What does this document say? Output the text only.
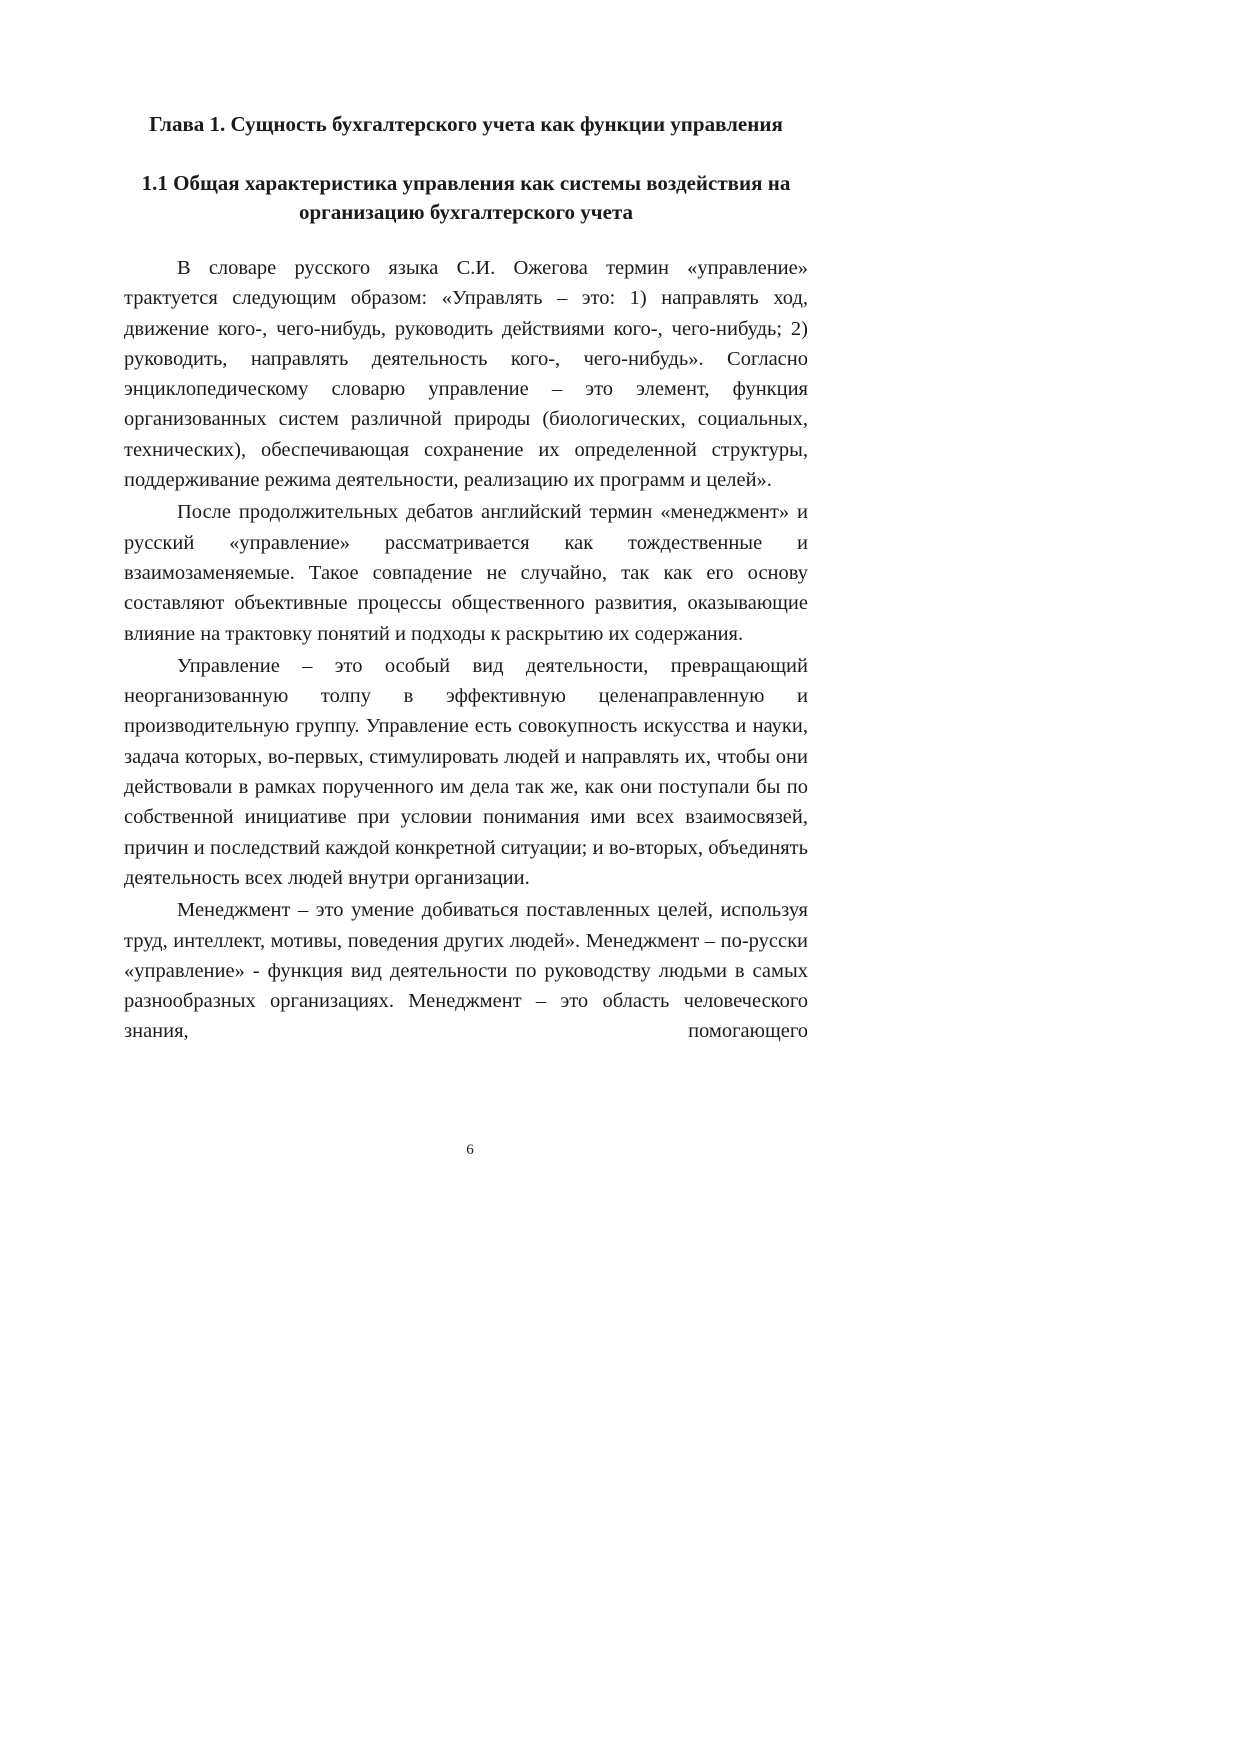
Глава 1. Сущность бухгалтерского учета как функции управления
1.1 Общая характеристика управления как системы воздействия на организацию бухгалтерского учета

В словаре русского языка С.И. Ожегова термин «управление» трактуется следующим образом: «Управлять – это: 1) направлять ход, движение кого-, чего-нибудь, руководить действиями кого-, чего-нибудь; 2) руководить, направлять деятельность кого-, чего-нибудь». Согласно энциклопедическому словарю управление – это элемент, функция организованных систем различной природы (биологических, социальных, технических), обеспечивающая сохранение их определенной структуры, поддерживание режима деятельности, реализацию их программ и целей».

После продолжительных дебатов английский термин «менеджмент» и русский «управление» рассматривается как тождественные и взаимозаменяемые. Такое совпадение не случайно, так как его основу составляют объективные процессы общественного развития, оказывающие влияние на трактовку понятий и подходы к раскрытию их содержания.

Управление – это особый вид деятельности, превращающий неорганизованную толпу в эффективную целенаправленную и производительную группу. Управление есть совокупность искусства и науки, задача которых, во-первых, стимулировать людей и направлять их, чтобы они действовали в рамках порученного им дела так же, как они поступали бы по собственной инициативе при условии понимания ими всех взаимосвязей, причин и последствий каждой конкретной ситуации; и во-вторых, объединять деятельность всех людей внутри организации.

Менеджмент – это умение добиваться поставленных целей, используя труд, интеллект, мотивы, поведения других людей». Менеджмент – по-русски «управление» - функция вид деятельности по руководству людьми в самых разнообразных организациях. Менеджмент – это область человеческого знания, помогающего

6
